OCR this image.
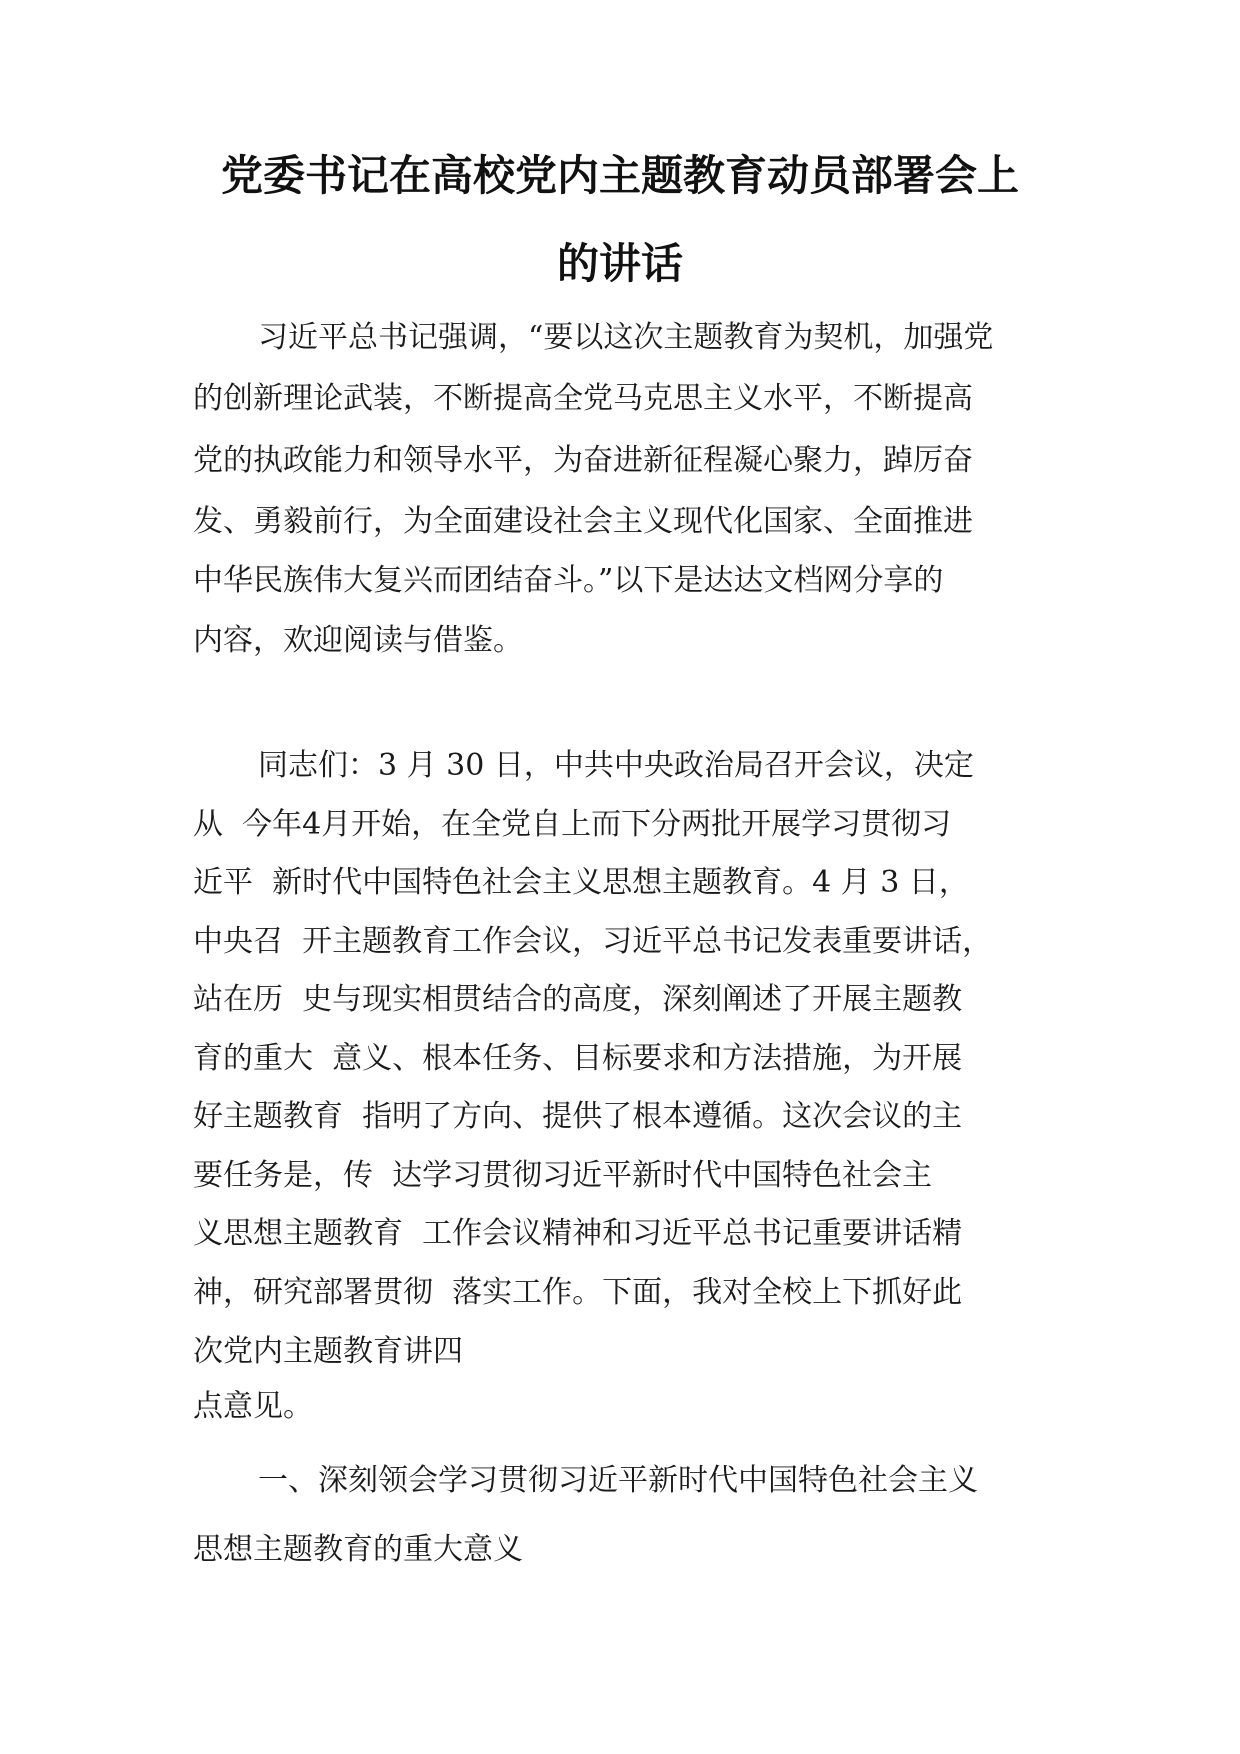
党委书记在高校党内主题教育动员部署会上
的讲话
习近平总书记强调，“要以这次主题教育为契机，加强党
的创新理论武装，不断提高全党马克思主义水平，不断提高
党的执政能力和领导水平，为奋进新征程凝心聚力，踔厉奋
发、勇毅前行，为全面建设社会主义现代化国家、全面推进
中华民族伟大复兴而团结奋斗。”以下是达达文档网分享的
内容，欢迎阅读与借鉴。
同志们：3 月 30 日，中共中央政治局召开会议，决定
从  今年4月开始，在全党自上而下分两批开展学习贯彻习
近平  新时代中国特色社会主义思想主题教育。4 月 3 日，
中央召  开主题教育工作会议，习近平总书记发表重要讲话，
站在历  史与现实相贯结合的高度，深刻阐述了开展主题教
育的重大  意义、根本任务、目标要求和方法措施，为开展
好主题教育  指明了方向、提供了根本遵循。这次会议的主
要任务是，传  达学习贯彻习近平新时代中国特色社会主
义思想主题教育  工作会议精神和习近平总书记重要讲话精
神，研究部署贯彻  落实工作。下面，我对全校上下抓好此
次党内主题教育讲四
点意见。
一、深刻领会学习贯彻习近平新时代中国特色社会主义
思想主题教育的重大意义
